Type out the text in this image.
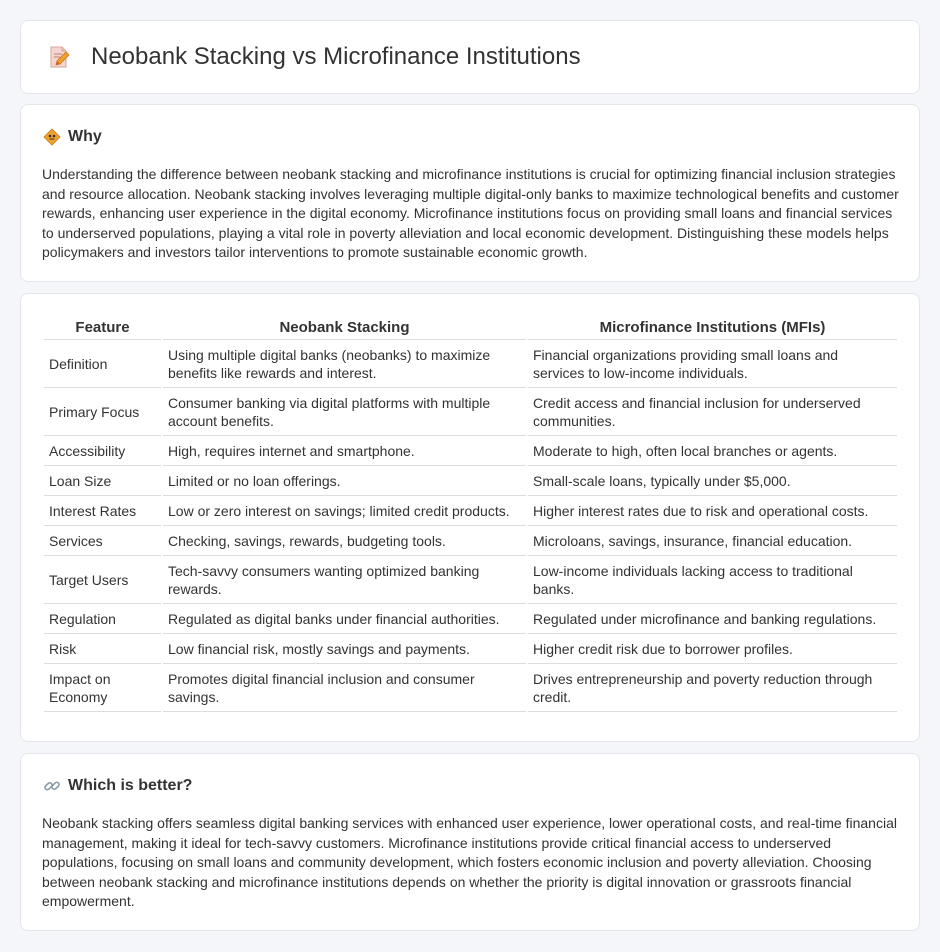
Neobank Stacking vs Microfinance Institutions
Why

Understanding the difference between neobank stacking and microfinance institutions is crucial for optimizing financial inclusion strategies and resource allocation. Neobank stacking involves leveraging multiple digital-only banks to maximize technological benefits and customer rewards, enhancing user experience in the digital economy. Microfinance institutions focus on providing small loans and financial services to underserved populations, playing a vital role in poverty alleviation and local economic development. Distinguishing these models helps policymakers and investors tailor interventions to promote sustainable economic growth.

Feature	Neobank Stacking	Microfinance Institutions (MFIs)
Definition	Using multiple digital banks (neobanks) to maximize benefits like rewards and interest.	Financial organizations providing small loans and services to low-income individuals.
Primary Focus	Consumer banking via digital platforms with multiple account benefits.	Credit access and financial inclusion for underserved communities.
Accessibility	High, requires internet and smartphone.	Moderate to high, often local branches or agents.
Loan Size	Limited or no loan offerings.	Small-scale loans, typically under $5,000.
Interest Rates	Low or zero interest on savings; limited credit products.	Higher interest rates due to risk and operational costs.
Services	Checking, savings, rewards, budgeting tools.	Microloans, savings, insurance, financial education.
Target Users	Tech-savvy consumers wanting optimized banking rewards.	Low-income individuals lacking access to traditional banks.
Regulation	Regulated as digital banks under financial authorities.	Regulated under microfinance and banking regulations.
Risk	Low financial risk, mostly savings and payments.	Higher credit risk due to borrower profiles.
Impact on Economy	Promotes digital financial inclusion and consumer savings.	Drives entrepreneurship and poverty reduction through credit.
Which is better?

Neobank stacking offers seamless digital banking services with enhanced user experience, lower operational costs, and real-time financial management, making it ideal for tech-savvy customers. Microfinance institutions provide critical financial access to underserved populations, focusing on small loans and community development, which fosters economic inclusion and poverty alleviation. Choosing between neobank stacking and microfinance institutions depends on whether the priority is digital innovation or grassroots financial empowerment.
